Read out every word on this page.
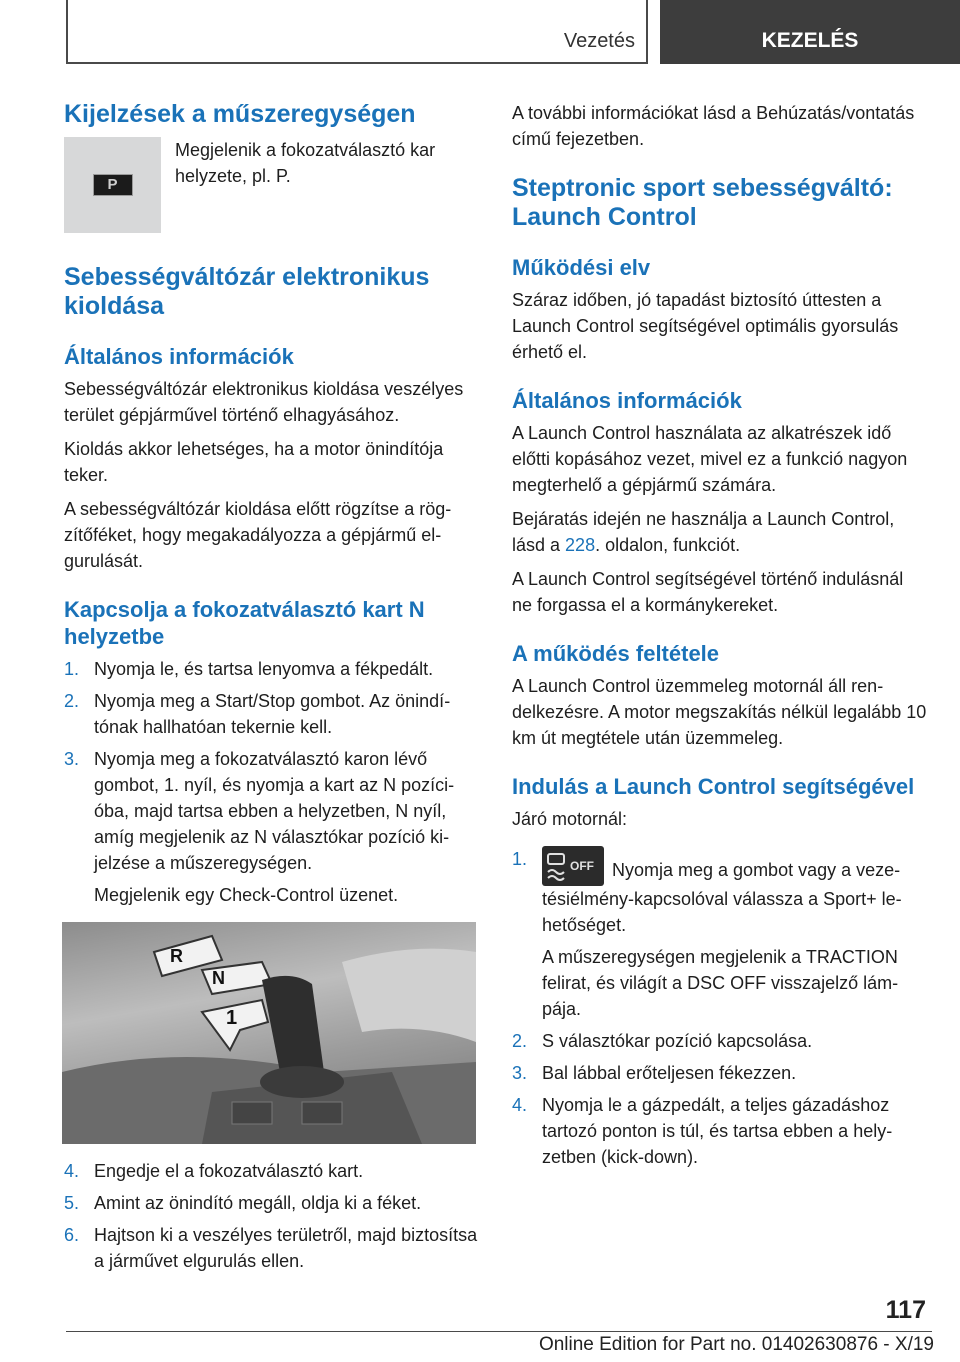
Vezetés	KEZELÉS
Kijelzések a műszeregységen
P
Megjelenik a fokozatválasztó kar helyzete, pl. P.
Sebességváltózár elektronikus kioldása
Általános információk

Sebességváltózár elektronikus kioldása veszélyes terület gépjárművel történő elhagyásához.

Kioldás akkor lehetséges, ha a motor önindítója teker.

A sebességváltózár kioldása előtt rögzítse a rögzítőféket, hogy megakadályozza a gépjármű elgurulását.

Kapcsolja a fokozatválasztó kart N helyzetbe
1. Nyomja le, és tartsa lenyomva a fékpedált.
2. Nyomja meg a Start/Stop gombot. Az önindítónak hallhatóan tekernie kell.
3. Nyomja meg a fokozatválasztó karon lévő gombot, 1. nyíl, és nyomja a kart az N pozícióba, majd tartsa ebben a helyzetben, N nyíl, amíg megjelenik az N választókar pozíció kijelzése a műszeregységen.

Megjelenik egy Check-Control üzenet.

R
N
1
4. Engedje el a fokozatválasztó kart.
5. Amint az önindító megáll, oldja ki a féket.
6. Hajtson ki a veszélyes területről, majd biztosítsa a járművet elgurulás ellen.

A további információkat lásd a Behúzatás/vontatás című fejezetben.

Steptronic sport sebességváltó: Launch Control
Működési elv

Száraz időben, jó tapadást biztosító úttesten a Launch Control segítségével optimális gyorsulás érhető el.

Általános információk

A Launch Control használata az alkatrészek idő előtti kopásához vezet, mivel ez a funkció nagyon megterhelő a gépjármű számára.

Bejáratás idején ne használja a Launch Control, lásd a 228. oldalon, funkciót.

A Launch Control segítségével történő indulásnál ne forgassa el a kormánykereket.

A működés feltétele

A Launch Control üzemmeleg motornál áll rendelkezésre. A motor megszakítás nélkül legalább 10 km út megtétele után üzemmeleg.

Indulás a Launch Control segítségével

Járó motornál:

1.	OFF Nyomja meg a gombot vagy a vezetésiélmény-kapcsolóval válassza a Sport+ lehetőséget.

A műszeregységen megjelenik a TRACTION felirat, és világít a DSC OFF visszajelző lámpája.

2. S választókar pozíció kapcsolása.
3. Bal lábbal erőteljesen fékezzen.
4. Nyomja le a gázpedált, a teljes gázadáshoz tartozó ponton is túl, és tartsa ebben a helyzetben (kick-down).
117
Online Edition for Part no. 01402630876 - X/19
